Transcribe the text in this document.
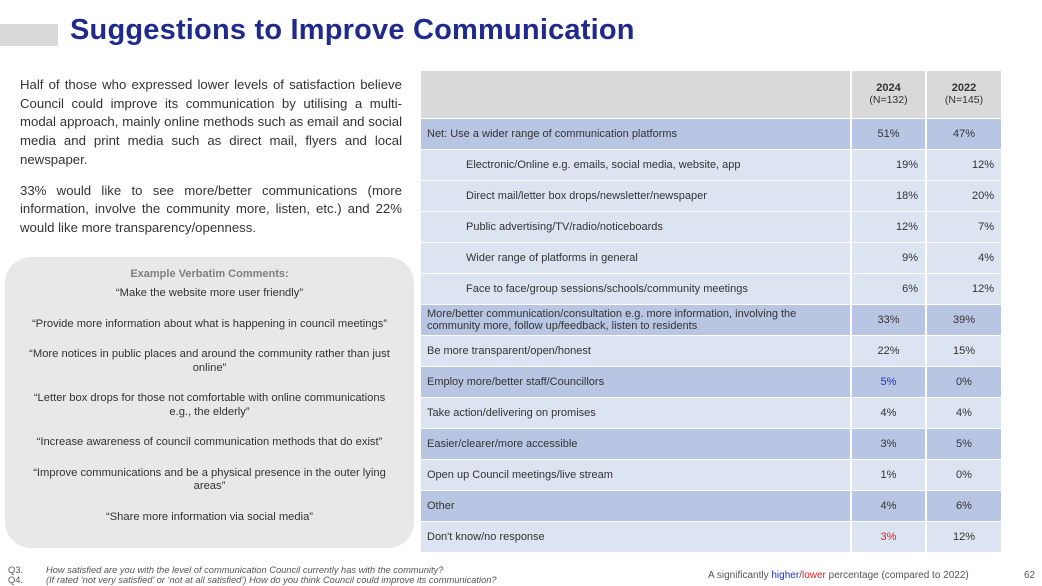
Suggestions to Improve Communication

Half of those who expressed lower levels of satisfaction believe Council could improve its communication by utilising a multi-modal approach, mainly online methods such as email and social media and print media such as direct mail, flyers and local newspaper.

33% would like to see more/better communications (more information, involve the community more, listen, etc.) and 22% would like more transparency/openness.

Example Verbatim Comments:
“Make the website more user friendly”
“Provide more information about what is happening in council meetings”
“More notices in public places and around the community rather than just online”
“Letter box drops for those not comfortable with online communications e.g., the elderly”
“Increase awareness of council communication methods that do exist”
“Improve communications and be a physical presence in the outer lying areas”
“Share more information via social media”

	2024
(N=132)	2022
(N=145)

Net: Use a wider range of communication platforms	51%	47%
Electronic/Online e.g. emails, social media, website, app	19%	12%
Direct mail/letter box drops/newsletter/newspaper	18%	20%
Public advertising/TV/radio/noticeboards	12%	7%
Wider range of platforms in general	9%	4%
Face to face/group sessions/schools/community meetings	6%	12%
More/better communication/consultation e.g. more information, involving the community more, follow up/feedback, listen to residents	33%	39%
Be more transparent/open/honest	22%	15%
Employ more/better staff/Councillors	5%	0%
Take action/delivering on promises	4%	4%
Easier/clearer/more accessible	3%	5%
Open up Council meetings/live stream	1%	0%
Other	4%	6%
Don't know/no response	3%	12%
Q3. How satisfied are you with the level of communication Council currently has with the community?
Q4. (If rated ‘not very satisfied’ or ‘not at all satisfied’) How do you think Council could improve its communication?	A significantly higher/lower percentage (compared to 2022)	62
